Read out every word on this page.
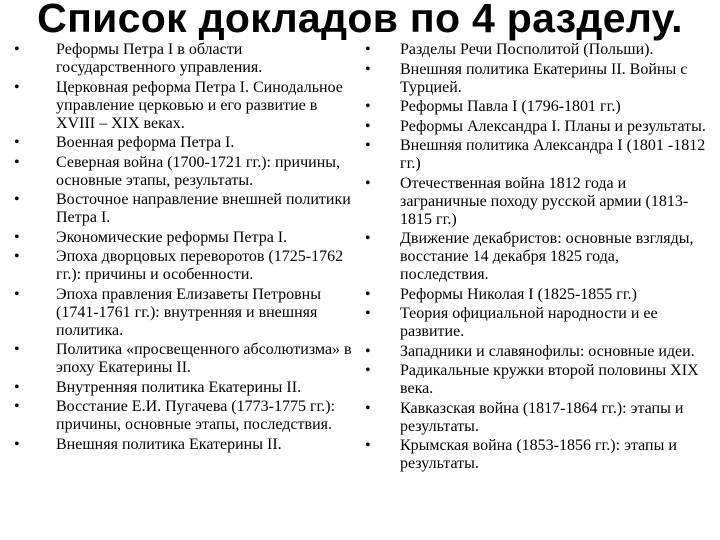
Список докладов по 4 разделу.
• Реформы Петра I в области государственного управления.
• Церковная реформа Петра I. Синодальное управление церковью и его развитие в XVIII – XIX веках.
• Военная реформа Петра I.
• Северная война (1700-1721 гг.): причины, основные этапы, результаты.
• Восточное направление внешней политики Петра I.
• Экономические реформы Петра I.
• Эпоха дворцовых переворотов (1725-1762 гг.): причины и особенности.
• Эпоха правления Елизаветы Петровны (1741-1761 гг.): внутренняя и внешняя политика.
• Политика «просвещенного абсолютизма» в эпоху Екатерины II.
• Внутренняя политика Екатерины II.
• Восстание Е.И. Пугачева (1773-1775 гг.): причины, основные этапы, последствия.
• Внешняя политика Екатерины II.
• Разделы Речи Посполитой (Польши).
• Внешняя политика Екатерины II. Войны с Турцией.
• Реформы Павла I (1796-1801 гг.)
• Реформы Александра I. Планы и результаты.
• Внешняя политика Александра I (1801 -1812 гг.)
• Отечественная война 1812 года и заграничные походу русской армии (1813-1815 гг.)
• Движение декабристов: основные взгляды, восстание 14 декабря 1825 года, последствия.
• Реформы Николая I (1825-1855 гг.)
• Теория официальной народности и ее развитие.
• Западники и славянофилы: основные идеи.
• Радикальные кружки второй половины XIX века.
• Кавказская война (1817-1864 гг.): этапы и результаты.
• Крымская война (1853-1856 гг.): этапы и результаты.
